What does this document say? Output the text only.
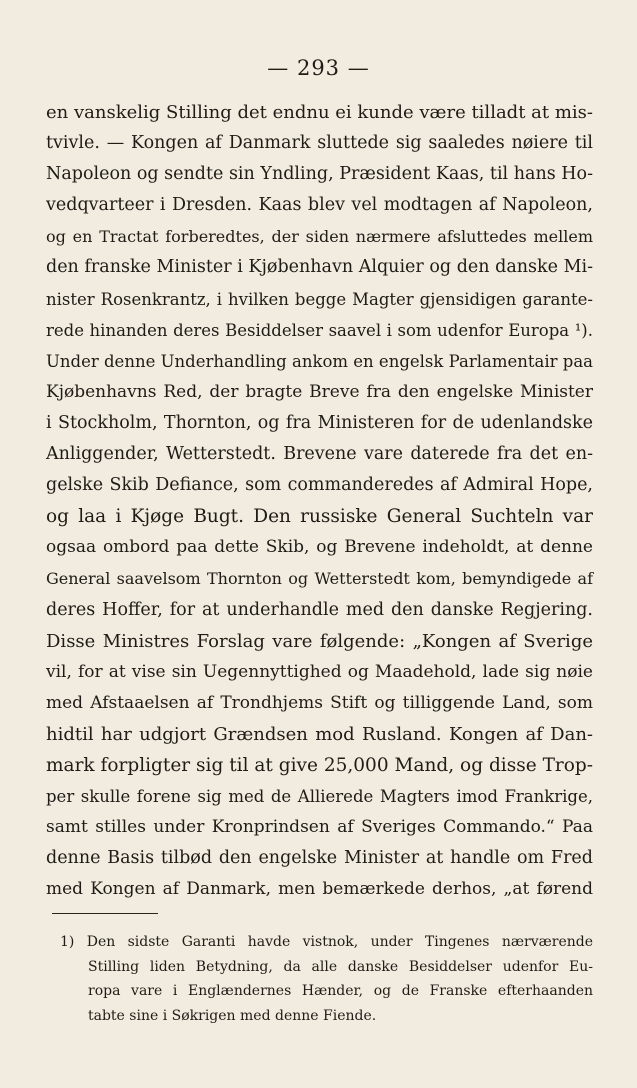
— 293 —
en vanskelig Stilling det endnu ei kunde være tilladt at mis-
tvivle. — Kongen af Danmark sluttede sig saaledes nøiere til
Napoleon og sendte sin Yndling, Præsident Kaas, til hans Ho-
vedqvarteer i Dresden. Kaas blev vel modtagen af Napoleon,
og en Tractat forberedtes, der siden nærmere afsluttedes mellem
den franske Minister i Kjøbenhavn Alquier og den danske Mi-
nister Rosenkrantz, i hvilken begge Magter gjensidigen garante-
rede hinanden deres Besiddelser saavel i som udenfor Europa ¹).
Under denne Underhandling ankom en engelsk Parlamentair paa
Kjøbenhavns Red, der bragte Breve fra den engelske Minister
i Stockholm, Thornton, og fra Ministeren for de udenlandske
Anliggender, Wetterstedt. Brevene vare daterede fra det en-
gelske Skib Defiance, som commanderedes af Admiral Hope,
og laa i Kjøge Bugt. Den russiske General Suchteln var
ogsaa ombord paa dette Skib, og Brevene indeholdt, at denne
General saavelsom Thornton og Wetterstedt kom, bemyndigede af
deres Hoffer, for at underhandle med den danske Regjering.
Disse Ministres Forslag vare følgende: „Kongen af Sverige
vil, for at vise sin Uegennyttighed og Maadehold, lade sig nøie
med Afstaaelsen af Trondhjems Stift og tilliggende Land, som
hidtil har udgjort Grændsen mod Rusland. Kongen af Dan-
mark forpligter sig til at give 25,000 Mand, og disse Trop-
per skulle forene sig med de Allierede Magters imod Frankrige,
samt stilles under Kronprindsen af Sveriges Commando.“ Paa
denne Basis tilbød den engelske Minister at handle om Fred
med Kongen af Danmark, men bemærkede derhos, „at førend
1) Den sidste Garanti havde vistnok, under Tingenes nærværende
Stilling liden Betydning, da alle danske Besiddelser udenfor Eu-
ropa vare i Englændernes Hænder, og de Franske efterhaanden
tabte sine i Søkrigen med denne Fiende.
